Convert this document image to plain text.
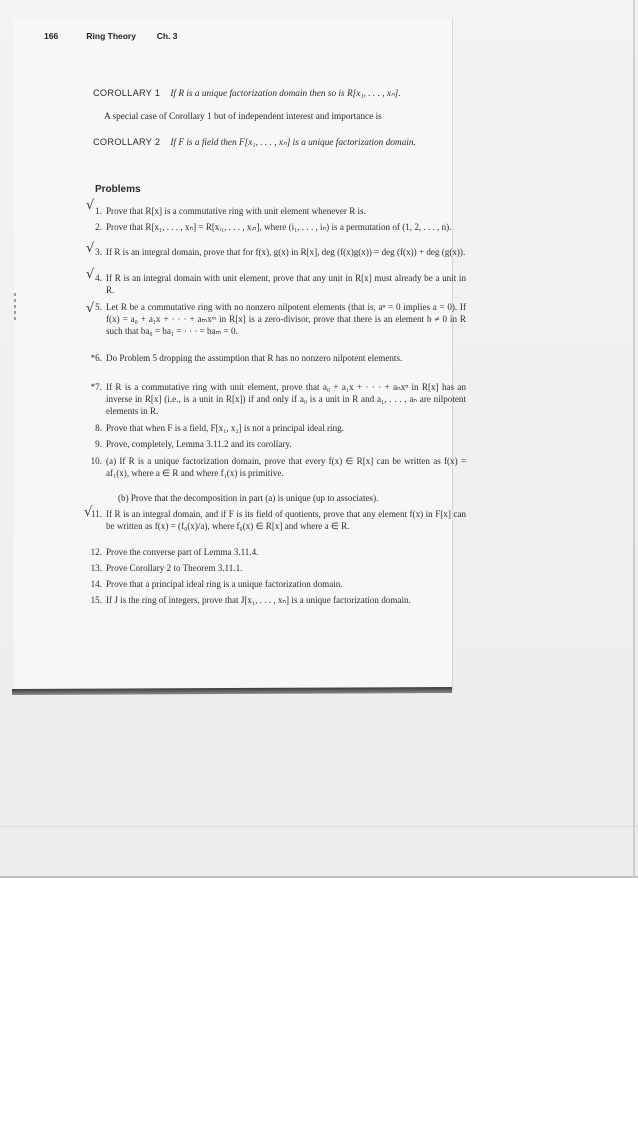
166	Ring Theory Ch. 3
COROLLARY 1 If R is a unique factorization domain then so is R[x₁, . . . , xₙ].
A special case of Corollary 1 but of independent interest and importance is
COROLLARY 2 If F is a field then F[x₁, . . . , xₙ] is a unique factorization domain.
Problems
√
√
√
√
√
1. Prove that R[x] is a commutative ring with unit element whenever R is.
2. Prove that R[x₁, . . . , xₙ] = R[xᵢ₁, . . . , xᵢₙ], where (i₁, . . . , iₙ) is a permutation of (1, 2, . . . , n).
3. If R is an integral domain, prove that for f(x), g(x) in R[x], deg (f(x)g(x)) = deg (f(x)) + deg (g(x)).
4. If R is an integral domain with unit element, prove that any unit in R[x] must already be a unit in R.
5. Let R be a commutative ring with no nonzero nilpotent elements (that is, aⁿ = 0 implies a = 0). If f(x) = a₀ + a₁x + · · · + aₘxᵐ in R[x] is a zero-divisor, prove that there is an element b ≠ 0 in R such that ba₀ = ba₁ = · · · = baₘ = 0.
*6. Do Problem 5 dropping the assumption that R has no nonzero nilpotent elements.
*7. If R is a commutative ring with unit element, prove that a₀ + a₁x + · · · + aₙxⁿ in R[x] has an inverse in R[x] (i.e., is a unit in R[x]) if and only if a₀ is a unit in R and a₁, . . . , aₙ are nilpotent elements in R.
8. Prove that when F is a field, F[x₁, x₂] is not a principal ideal ring.
9. Prove, completely, Lemma 3.11.2 and its corollary.
10. (a) If R is a unique factorization domain, prove that every f(x) ∈ R[x] can be written as f(x) = af₁(x), where a ∈ R and where f₁(x) is primitive.
(b) Prove that the decomposition in part (a) is unique (up to associates).
11. If R is an integral domain, and if F is its field of quotients, prove that any element f(x) in F[x] can be written as f(x) = (f₀(x)/a), where f₀(x) ∈ R[x] and where a ∈ R.
12. Prove the converse part of Lemma 3.11.4.
13. Prove Corollary 2 to Theorem 3.11.1.
14. Prove that a principal ideal ring is a unique factorization domain.
15. If J is the ring of integers, prove that J[x₁, . . . , xₙ] is a unique factorization domain.
